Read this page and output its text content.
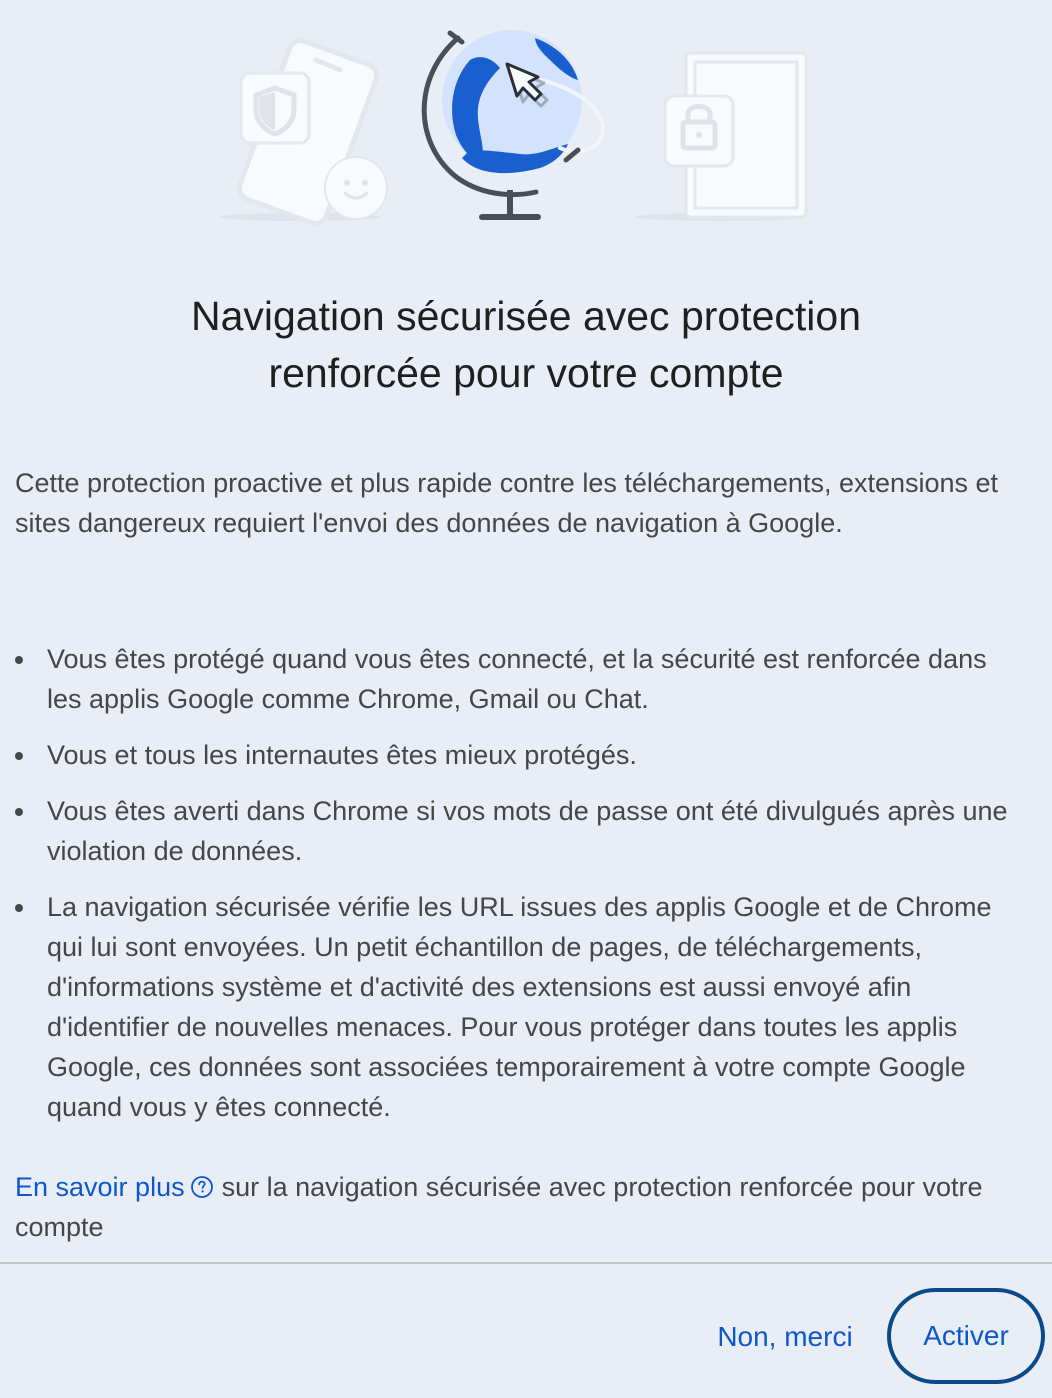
Navigation sécurisée avec protection
renforcée pour votre compte

Cette protection proactive et plus rapide contre les téléchargements, extensions et sites dangereux requiert l'envoi des données de navigation à Google.

Vous êtes protégé quand vous êtes connecté, et la sécurité est renforcée dans les applis Google comme Chrome, Gmail ou Chat.
Vous et tous les internautes êtes mieux protégés.
Vous êtes averti dans Chrome si vos mots de passe ont été divulgués après une violation de données.
La navigation sécurisée vérifie les URL issues des applis Google et de Chrome qui lui sont envoyées. Un petit échantillon de pages, de téléchargements, d'informations système et d'activité des extensions est aussi envoyé afin d'identifier de nouvelles menaces. Pour vous protéger dans toutes les applis Google, ces données sont associées temporairement à votre compte Google quand vous y êtes connecté.

En savoir plus sur la navigation sécurisée avec protection renforcée pour votre compte

Non, merci	Activer
